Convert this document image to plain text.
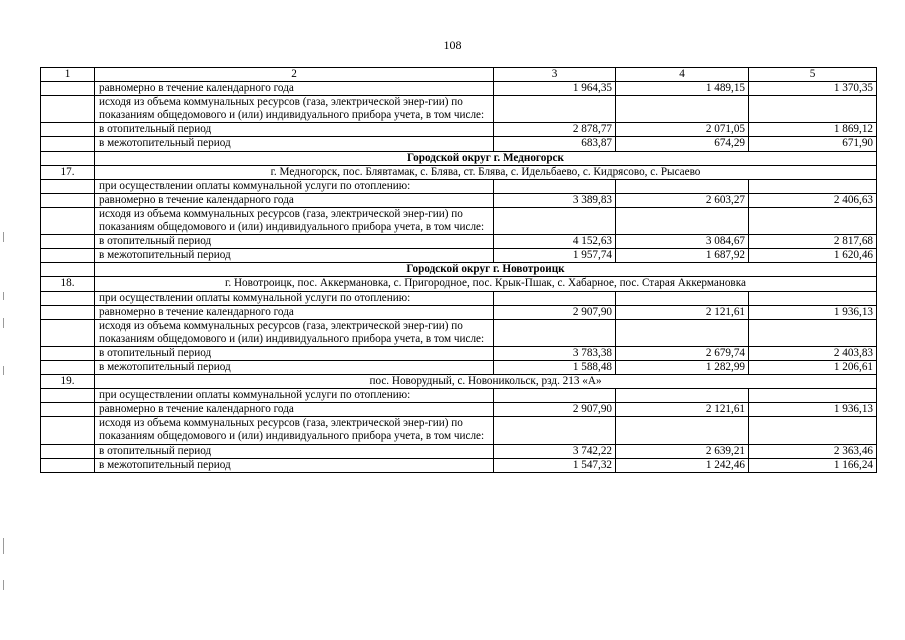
108
1	2	3	4	5
	равномерно в течение календарного года	1 964,35	1 489,15	1 370,35
	исходя из объема коммунальных ресурсов (газа, электрической энер-гии) по показаниям общедомового и (или) индивидуального прибора учета, в том числе:			
	в отопительный период	2 878,77	2 071,05	1 869,12
	в межотопительный период	683,87	674,29	671,90
	Городской округ г. Медногорск			
17.	г. Медногорск, пос. Блявтамак, с. Блява, ст. Блява, с. Идельбаево, с. Кидрясово, с. Рысаево			
	при осуществлении оплаты коммунальной услуги по отоплению:			
	равномерно в течение календарного года	3 389,83	2 603,27	2 406,63
	исходя из объема коммунальных ресурсов (газа, электрической энер-гии) по показаниям общедомового и (или) индивидуального прибора учета, в том числе:			
	в отопительный период	4 152,63	3 084,67	2 817,68
	в межотопительный период	1 957,74	1 687,92	1 620,46
	Городской округ г. Новотроицк			
18.	г. Новотроицк, пос. Аккермановка, с. Пригородное, пос. Крык-Пшак, с. Хабарное, пос. Старая Аккермановка			
	при осуществлении оплаты коммунальной услуги по отоплению:			
	равномерно в течение календарного года	2 907,90	2 121,61	1 936,13
	исходя из объема коммунальных ресурсов (газа, электрической энер-гии) по показаниям общедомового и (или) индивидуального прибора учета, в том числе:			
	в отопительный период	3 783,38	2 679,74	2 403,83
	в межотопительный период	1 588,48	1 282,99	1 206,61
19.	пос. Новорудный, с. Новоникольск, рзд. 213 «А»			
	при осуществлении оплаты коммунальной услуги по отоплению:			
	равномерно в течение календарного года	2 907,90	2 121,61	1 936,13
	исходя из объема коммунальных ресурсов (газа, электрической энер-гии) по показаниям общедомового и (или) индивидуального прибора учета, в том числе:			
	в отопительный период	3 742,22	2 639,21	2 363,46
	в межотопительный период	1 547,32	1 242,46	1 166,24
